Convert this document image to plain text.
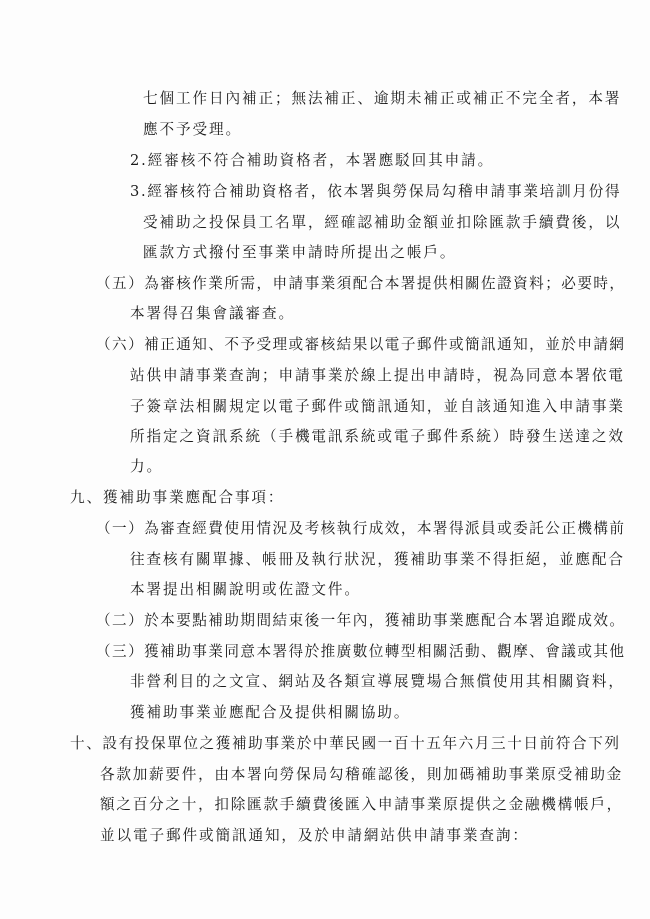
七個工作日內補正；無法補正、逾期未補正或補正不完全者，本署
應不予受理。
2.經審核不符合補助資格者，本署應駁回其申請。
3.經審核符合補助資格者，依本署與勞保局勾稽申請事業培訓月份得
受補助之投保員工名單，經確認補助金額並扣除匯款手續費後，以
匯款方式撥付至事業申請時所提出之帳戶。
（五）為審核作業所需，申請事業須配合本署提供相關佐證資料；必要時，
本署得召集會議審查。
（六）補正通知、不予受理或審核結果以電子郵件或簡訊通知，並於申請網
站供申請事業查詢；申請事業於線上提出申請時，視為同意本署依電
子簽章法相關規定以電子郵件或簡訊通知，並自該通知進入申請事業
所指定之資訊系統（手機電訊系統或電子郵件系統）時發生送達之效
力。
九、獲補助事業應配合事項：
（一）為審查經費使用情況及考核執行成效，本署得派員或委託公正機構前
往查核有關單據、帳冊及執行狀況，獲補助事業不得拒絕，並應配合
本署提出相關說明或佐證文件。
（二）於本要點補助期間結束後一年內，獲補助事業應配合本署追蹤成效。
（三）獲補助事業同意本署得於推廣數位轉型相關活動、觀摩、會議或其他
非營利目的之文宣、網站及各類宣導展覽場合無償使用其相關資料，
獲補助事業並應配合及提供相關協助。
十、設有投保單位之獲補助事業於中華民國一百十五年六月三十日前符合下列
各款加薪要件，由本署向勞保局勾稽確認後，則加碼補助事業原受補助金
額之百分之十，扣除匯款手續費後匯入申請事業原提供之金融機構帳戶，
並以電子郵件或簡訊通知，及於申請網站供申請事業查詢：
